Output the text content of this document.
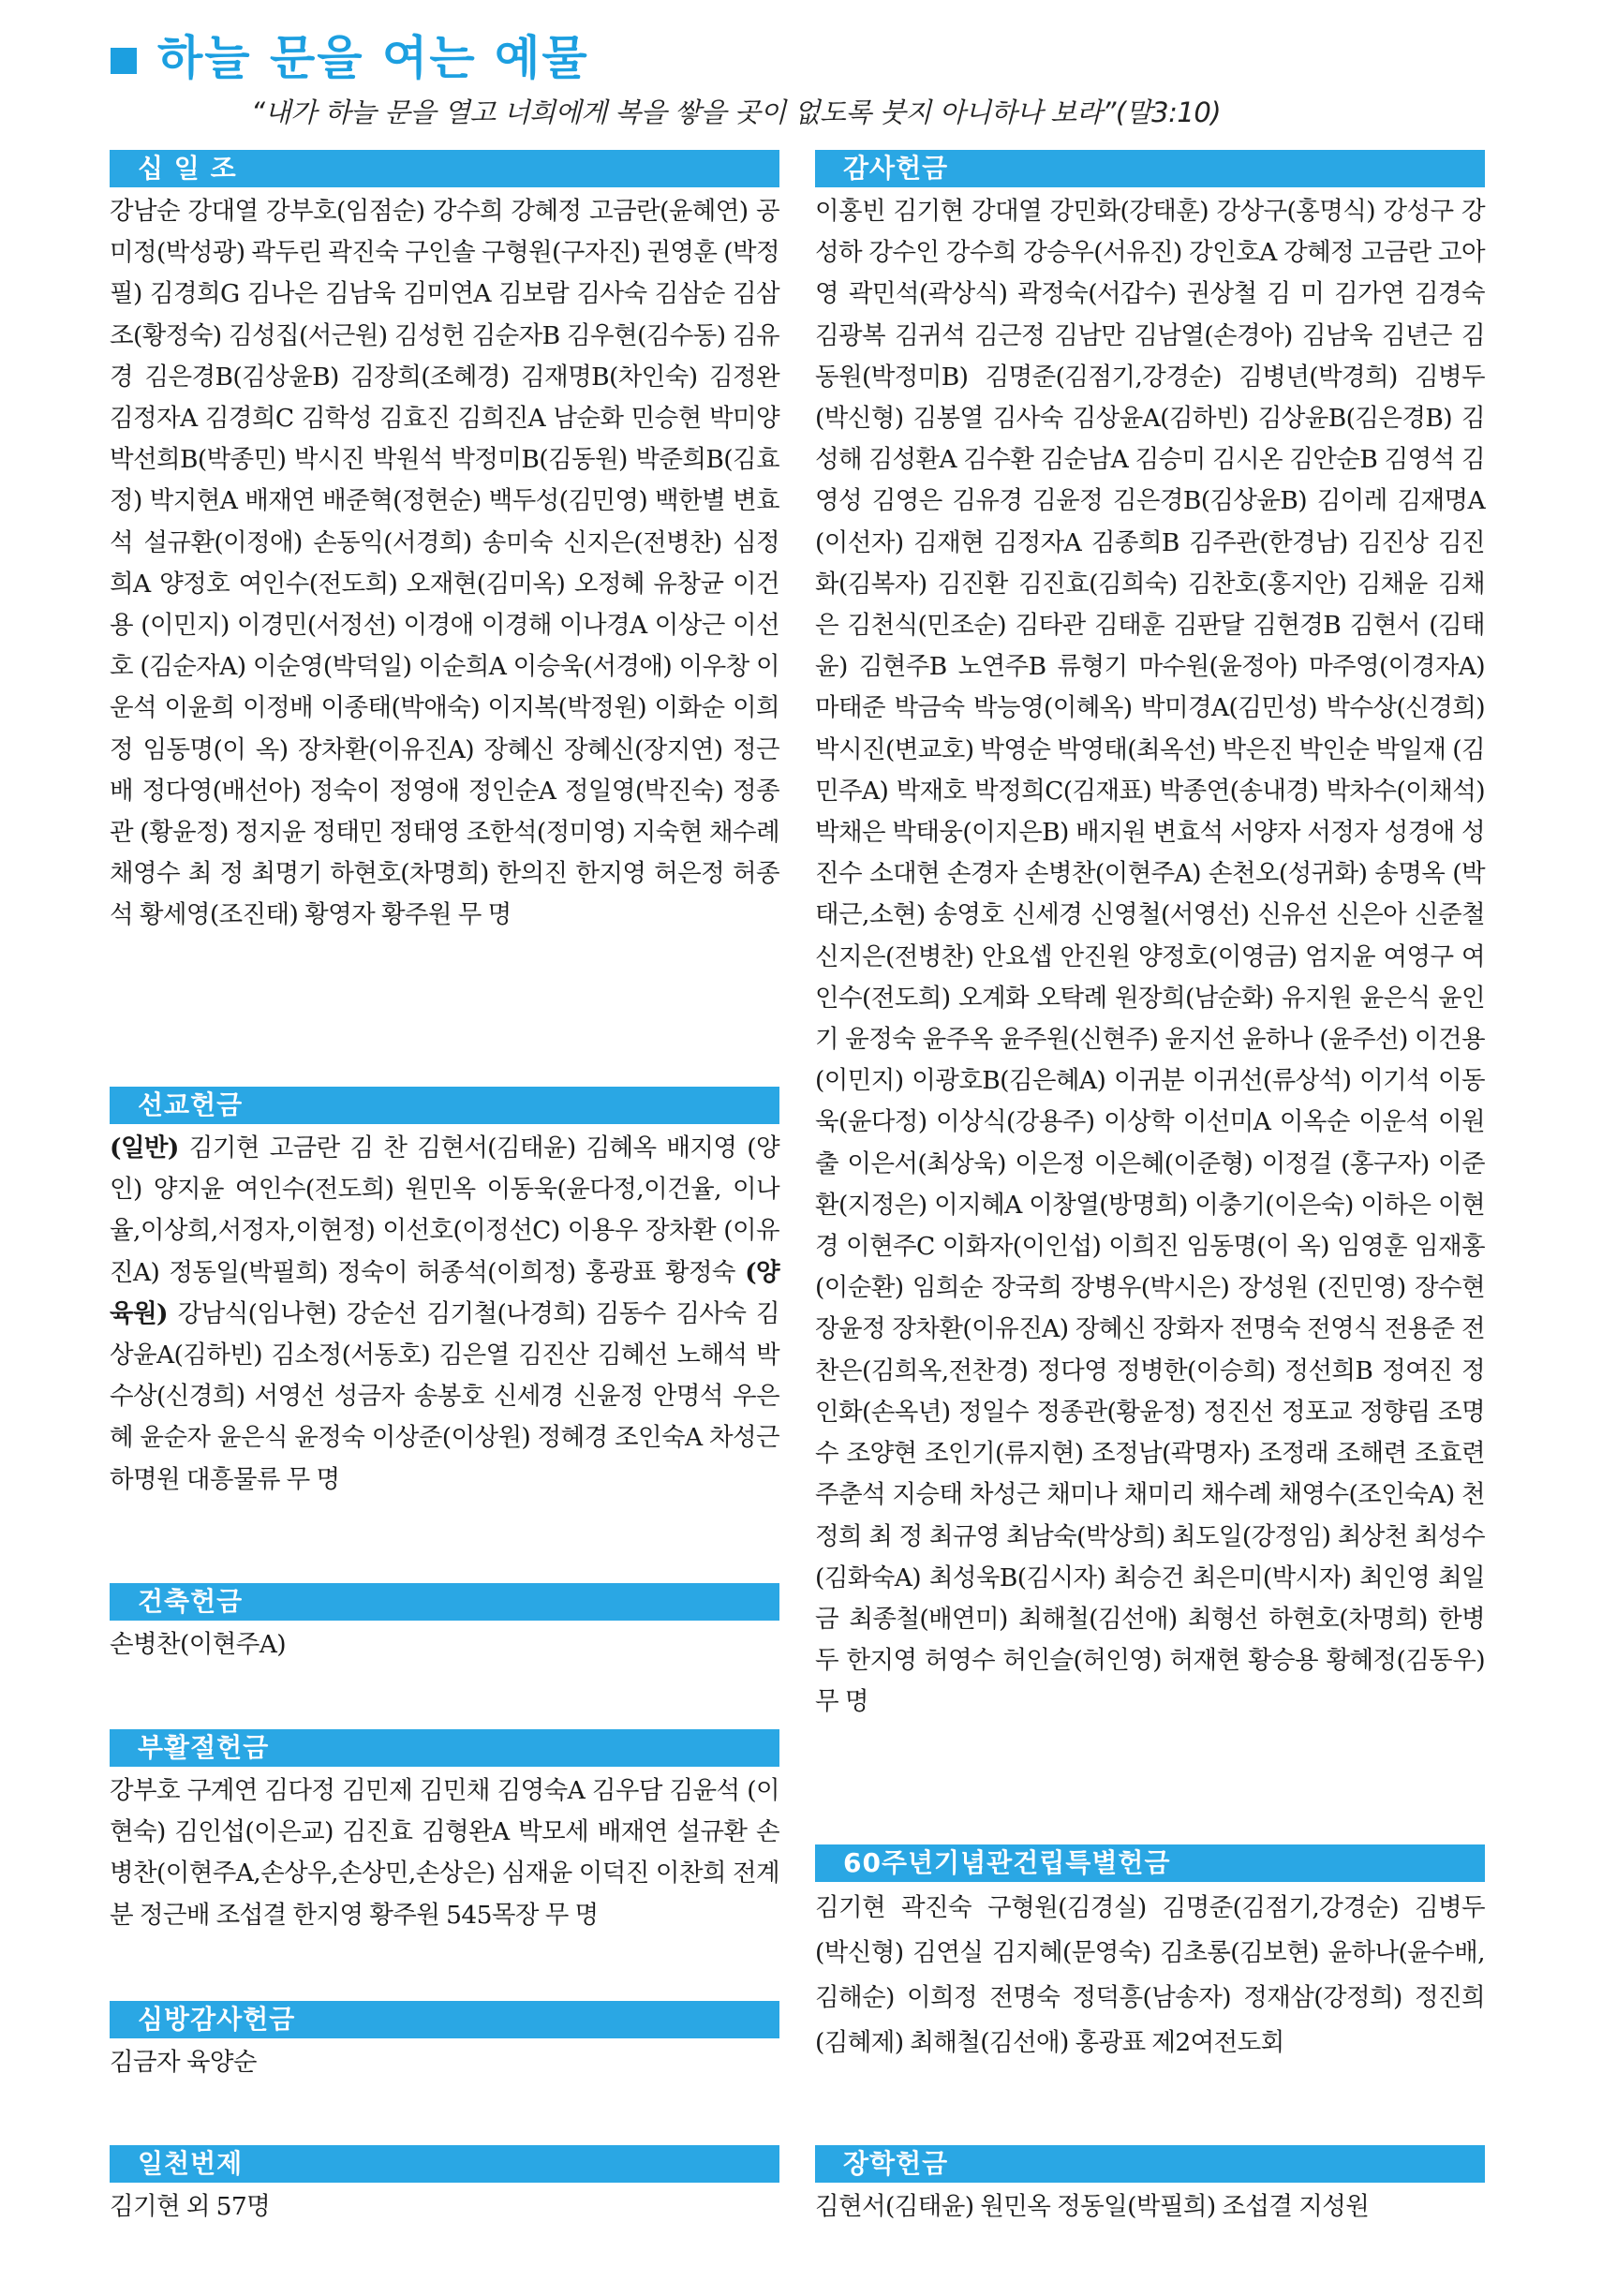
하늘 문을 여는 예물
“내가 하늘 문을 열고 너희에게 복을 쌓을 곳이 없도록 붓지 아니하나 보라”(말3:10)
십 일 조
강남순 강대열 강부호(임점순) 강수희 강혜정 고금란(윤혜연) 공미정(박성광) 곽두린 곽진숙 구인솔 구형원(구자진) 권영훈 (박정필) 김경희G 김나은 김남욱 김미연A 김보람 김사숙 김삼순 김삼조(황정숙) 김성집(서근원) 김성헌 김순자B 김우현(김수동) 김유경 김은경B(김상윤B) 김장희(조혜경) 김재명B(차인숙) 김정완 김정자A 김경희C 김학성 김효진 김희진A 남순화 민승현 박미양 박선희B(박종민) 박시진 박원석 박정미B(김동원) 박준희B(김효정) 박지현A 배재연 배준혁(정현순) 백두성(김민영) 백한별 변효석 설규환(이정애) 손동익(서경희) 송미숙 신지은(전병찬) 심정희A 양정호 여인수(전도희) 오재현(김미옥) 오정혜 유창균 이건용 (이민지) 이경민(서정선) 이경애 이경해 이나경A 이상근 이선호 (김순자A) 이순영(박덕일) 이순희A 이승욱(서경애) 이우창 이운석 이윤희 이정배 이종태(박애숙) 이지복(박정원) 이화순 이희정 임동명(이 옥) 장차환(이유진A) 장혜신 장혜신(장지연) 정근배 정다영(배선아) 정숙이 정영애 정인순A 정일영(박진숙) 정종관 (황윤정) 정지윤 정태민 정태영 조한석(정미영) 지숙현 채수례 채영수 최 정 최명기 하현호(차명희) 한의진 한지영 허은정 허종석 황세영(조진태) 황영자 황주원 무 명
선교헌금
(일반) 김기현 고금란 김 찬 김현서(김태윤) 김혜옥 배지영 (양 인) 양지윤 여인수(전도희) 원민옥 이동욱(윤다정,이건율, 이나율,이상희,서정자,이현정) 이선호(이정선C) 이용우 장차환 (이유진A) 정동일(박필희) 정숙이 허종석(이희정) 홍광표 황정숙 (양육원) 강남식(임나현) 강순선 김기철(나경희) 김동수 김사숙 김상윤A(김하빈) 김소정(서동호) 김은열 김진산 김혜선 노해석 박수상(신경희) 서영선 성금자 송봉호 신세경 신윤정 안명석 우은혜 윤순자 윤은식 윤정숙 이상준(이상원) 정혜경 조인숙A 차성근 하명원 대흥물류 무 명
건축헌금
손병찬(이현주A)
부활절헌금
강부호 구계연 김다정 김민제 김민채 김영숙A 김우담 김윤석 (이현숙) 김인섭(이은교) 김진효 김형완A 박모세 배재연 설규환 손병찬(이현주A,손상우,손상민,손상은) 심재윤 이덕진 이찬희 전계분 정근배 조섭결 한지영 황주원 545목장 무 명
심방감사헌금
김금자 육양순
일천번제
김기현 외 57명
감사헌금
이홍빈 김기현 강대열 강민화(강태훈) 강상구(홍명식) 강성구 강성하 강수인 강수희 강승우(서유진) 강인호A 강혜정 고금란 고아영 곽민석(곽상식) 곽정숙(서갑수) 권상철 김 미 김가연 김경숙 김광복 김귀석 김근정 김남만 김남열(손경아) 김남욱 김년근 김동원(박정미B) 김명준(김점기,강경순) 김병년(박경희) 김병두(박신형) 김봉열 김사숙 김상윤A(김하빈) 김상윤B(김은경B) 김성해 김성환A 김수환 김순남A 김승미 김시온 김안순B 김영석 김영성 김영은 김유경 김윤정 김은경B(김상윤B) 김이레 김재명A (이선자) 김재현 김정자A 김종희B 김주관(한경남) 김진상 김진화(김복자) 김진환 김진효(김희숙) 김찬호(홍지안) 김채윤 김채은 김천식(민조순) 김타관 김태훈 김판달 김현경B 김현서 (김태윤) 김현주B 노연주B 류형기 마수원(윤정아) 마주영(이경자A) 마태준 박금숙 박능영(이혜옥) 박미경A(김민성) 박수상(신경희) 박시진(변교호) 박영순 박영태(최옥선) 박은진 박인순 박일재 (김민주A) 박재호 박정희C(김재표) 박종연(송내경) 박차수(이채석) 박채은 박태웅(이지은B) 배지원 변효석 서양자 서정자 성경애 성진수 소대현 손경자 손병찬(이현주A) 손천오(성귀화) 송명옥 (박태근,소현) 송영호 신세경 신영철(서영선) 신유선 신은아 신준철 신지은(전병찬) 안요셉 안진원 양정호(이영금) 엄지윤 여영구 여인수(전도희) 오계화 오탁례 원장희(남순화) 유지원 윤은식 윤인기 윤정숙 윤주옥 윤주원(신현주) 윤지선 윤하나 (윤주선) 이건용(이민지) 이광호B(김은혜A) 이귀분 이귀선(류상석) 이기석 이동욱(윤다정) 이상식(강용주) 이상학 이선미A 이옥순 이운석 이원출 이은서(최상욱) 이은정 이은혜(이준형) 이정걸 (홍구자) 이준환(지정은) 이지혜A 이창열(방명희) 이충기(이은숙) 이하은 이현경 이현주C 이화자(이인섭) 이희진 임동명(이 옥) 임영훈 임재홍(이순환) 임희순 장국희 장병우(박시은) 장성원 (진민영) 장수현 장윤정 장차환(이유진A) 장혜신 장화자 전명숙 전영식 전용준 전찬은(김희옥,전찬경) 정다영 정병한(이승희) 정선희B 정여진 정인화(손옥년) 정일수 정종관(황윤정) 정진선 정포교 정향림 조명수 조양현 조인기(류지현) 조정남(곽명자) 조정래 조해련 조효련 주춘석 지승태 차성근 채미나 채미리 채수례 채영수(조인숙A) 천정희 최 정 최규영 최남숙(박상희) 최도일(강정임) 최상천 최성수(김화숙A) 최성욱B(김시자) 최승건 최은미(박시자) 최인영 최일금 최종철(배연미) 최해철(김선애) 최형선 하현호(차명희) 한병두 한지영 허영수 허인슬(허인영) 허재현 황승용 황혜정(김동우) 무 명
60주년기념관건립특별헌금
김기현 곽진숙 구형원(김경실) 김명준(김점기,강경순) 김병두 (박신형) 김연실 김지혜(문영숙) 김초롱(김보현) 윤하나(윤수배, 김해순) 이희정 전명숙 정덕흥(남송자) 정재삼(강정희) 정진희 (김혜제) 최해철(김선애) 홍광표 제2여전도회
장학헌금
김현서(김태윤) 원민옥 정동일(박필희) 조섭결 지성원
